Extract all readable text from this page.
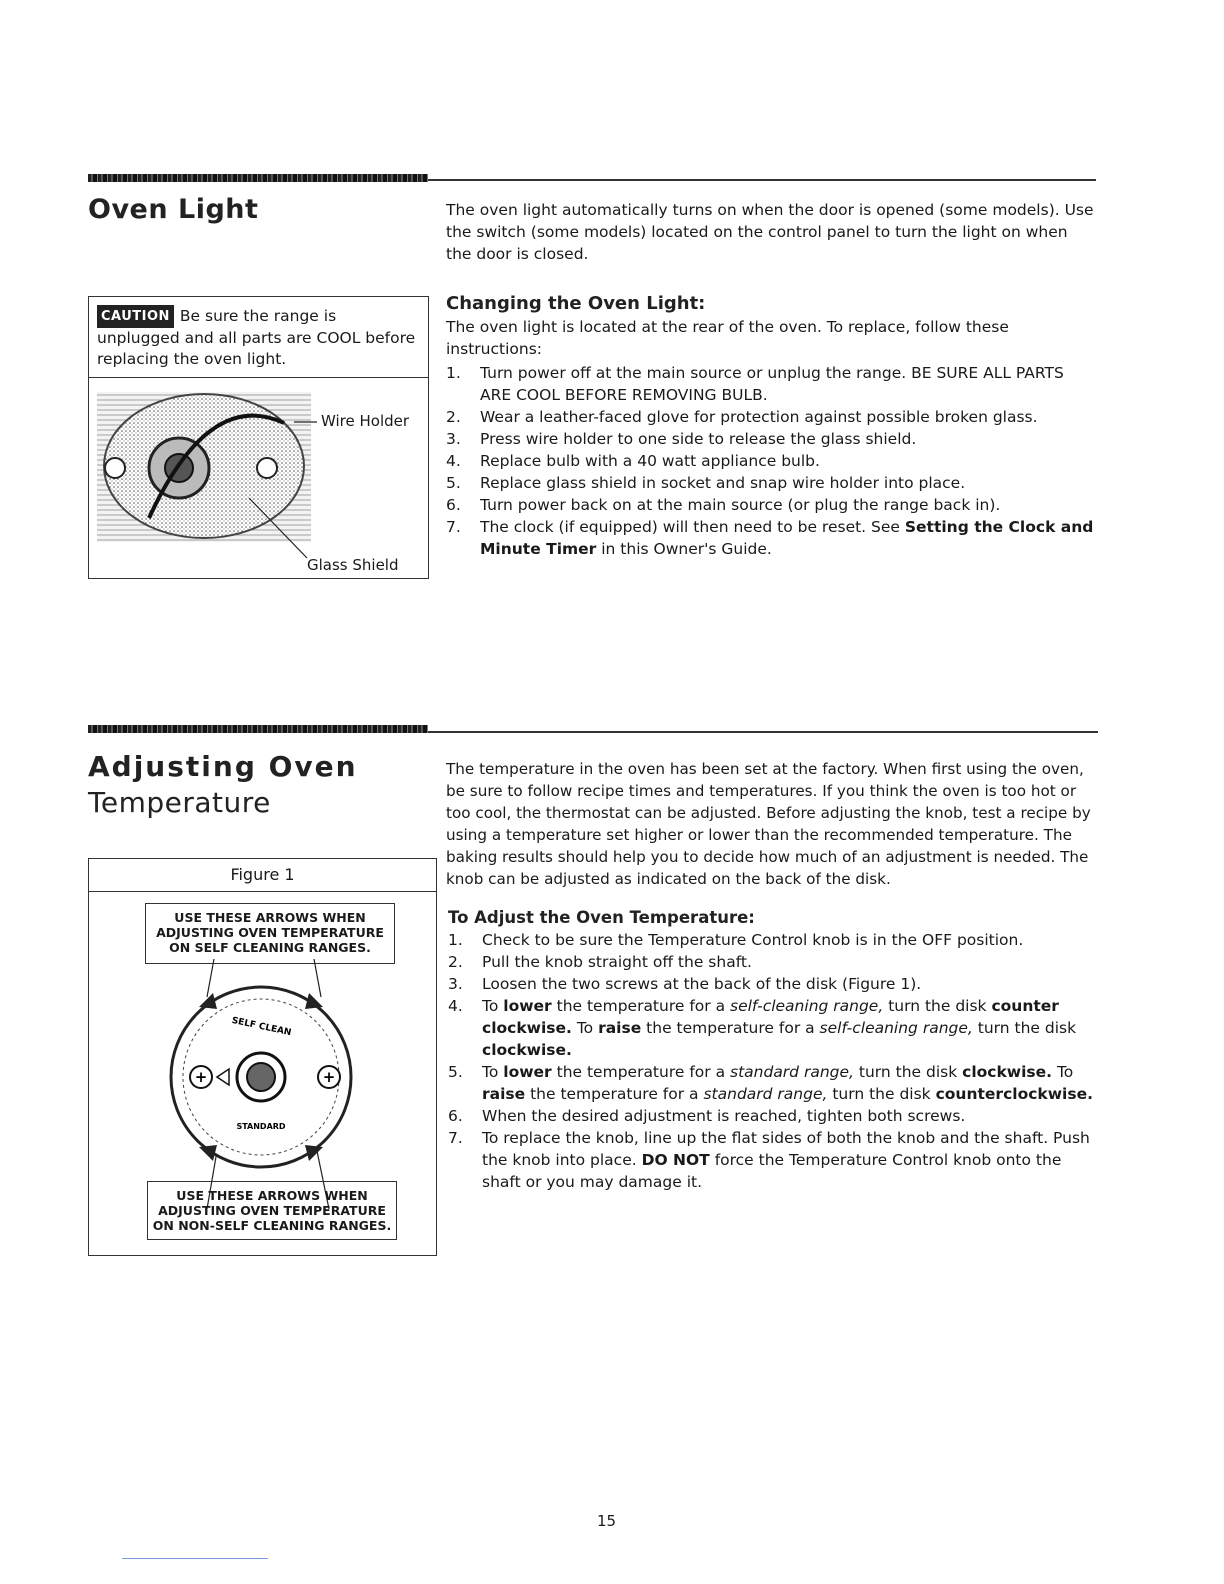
Oven Light	The oven light automatically turns on when the door is opened (some models). Use the switch (some models) located on the control panel to turn the light on when the door is closed.
CAUTION Be sure the range is unplugged and all parts are COOL before replacing the oven light.
Wire Holder
Glass Shield
Changing the Oven Light:
The oven light is located at the rear of the oven. To replace, follow these instructions:
1. Turn power off at the main source or unplug the range. BE SURE ALL PARTS ARE COOL BEFORE REMOVING BULB.
2. Wear a leather-faced glove for protection against possible broken glass.
3. Press wire holder to one side to release the glass shield.
4. Replace bulb with a 40 watt appliance bulb.
5. Replace glass shield in socket and snap wire holder into place.
6. Turn power back on at the main source (or plug the range back in).
7. The clock (if equipped) will then need to be reset. See Setting the Clock and Minute Timer in this Owner's Guide.
Adjusting Oven
Temperature
The temperature in the oven has been set at the factory. When first using the oven, be sure to follow recipe times and temperatures. If you think the oven is too hot or too cool, the thermostat can be adjusted. Before adjusting the knob, test a recipe by using a temperature set higher or lower than the recommended temperature. The baking results should help you to decide how much of an adjustment is needed. The knob can be adjusted as indicated on the back of the disk.
Figure 1
USE THESE ARROWS WHEN ADJUSTING OVEN TEMPERATURE ON SELF CLEANING RANGES.
+	+
SELF CLEAN
STANDARD
USE THESE ARROWS WHEN ADJUSTING OVEN TEMPERATURE ON NON-SELF CLEANING RANGES.
To Adjust the Oven Temperature:
1. Check to be sure the Temperature Control knob is in the OFF position.
2. Pull the knob straight off the shaft.
3. Loosen the two screws at the back of the disk (Figure 1).
4. To lower the temperature for a self-cleaning range, turn the disk counter clockwise. To raise the temperature for a self-cleaning range, turn the disk clockwise.
5. To lower the temperature for a standard range, turn the disk clockwise. To raise the temperature for a standard range, turn the disk counterclockwise.
6. When the desired adjustment is reached, tighten both screws.
7. To replace the knob, line up the flat sides of both the knob and the shaft. Push the knob into place. DO NOT force the Temperature Control knob onto the shaft or you may damage it.
15
